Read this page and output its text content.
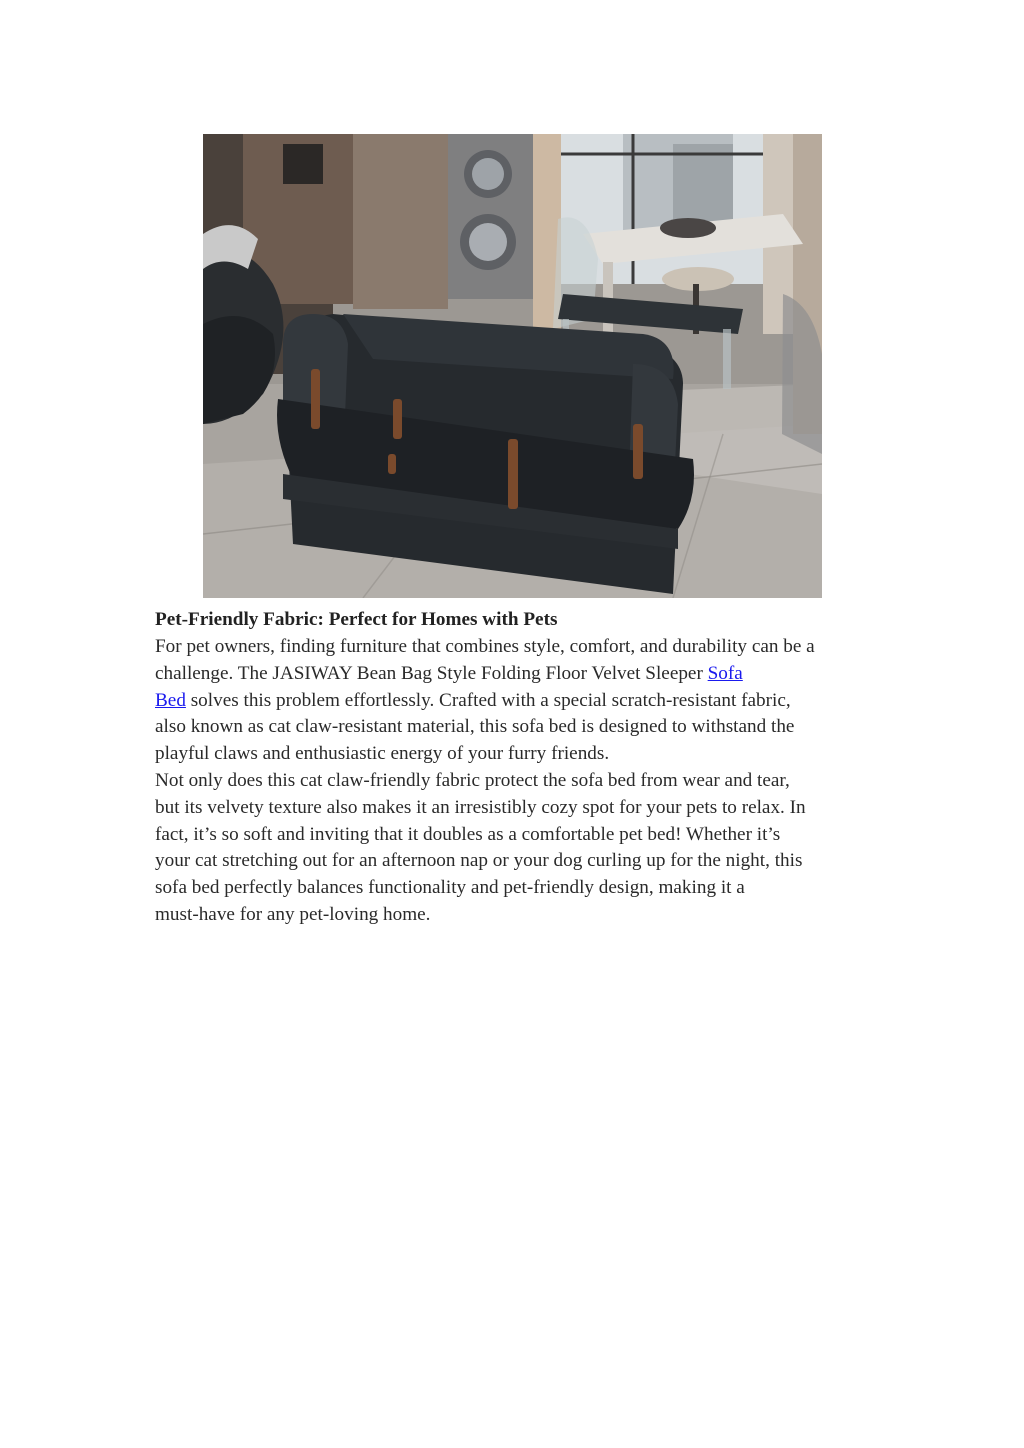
Pet-Friendly Fabric: Perfect for Homes with Pets

For pet owners, finding furniture that combines style, comfort, and durability can be a
challenge. The JASIWAY Bean Bag Style Folding Floor Velvet Sleeper Sofa
Bed solves this problem effortlessly. Crafted with a special scratch-resistant fabric,
also known as cat claw-resistant material, this sofa bed is designed to withstand the
playful claws and enthusiastic energy of your furry friends.

Not only does this cat claw-friendly fabric protect the sofa bed from wear and tear,
but its velvety texture also makes it an irresistibly cozy spot for your pets to relax. In
fact, it’s so soft and inviting that it doubles as a comfortable pet bed! Whether it’s
your cat stretching out for an afternoon nap or your dog curling up for the night, this
sofa bed perfectly balances functionality and pet-friendly design, making it a
must-have for any pet-loving home.
